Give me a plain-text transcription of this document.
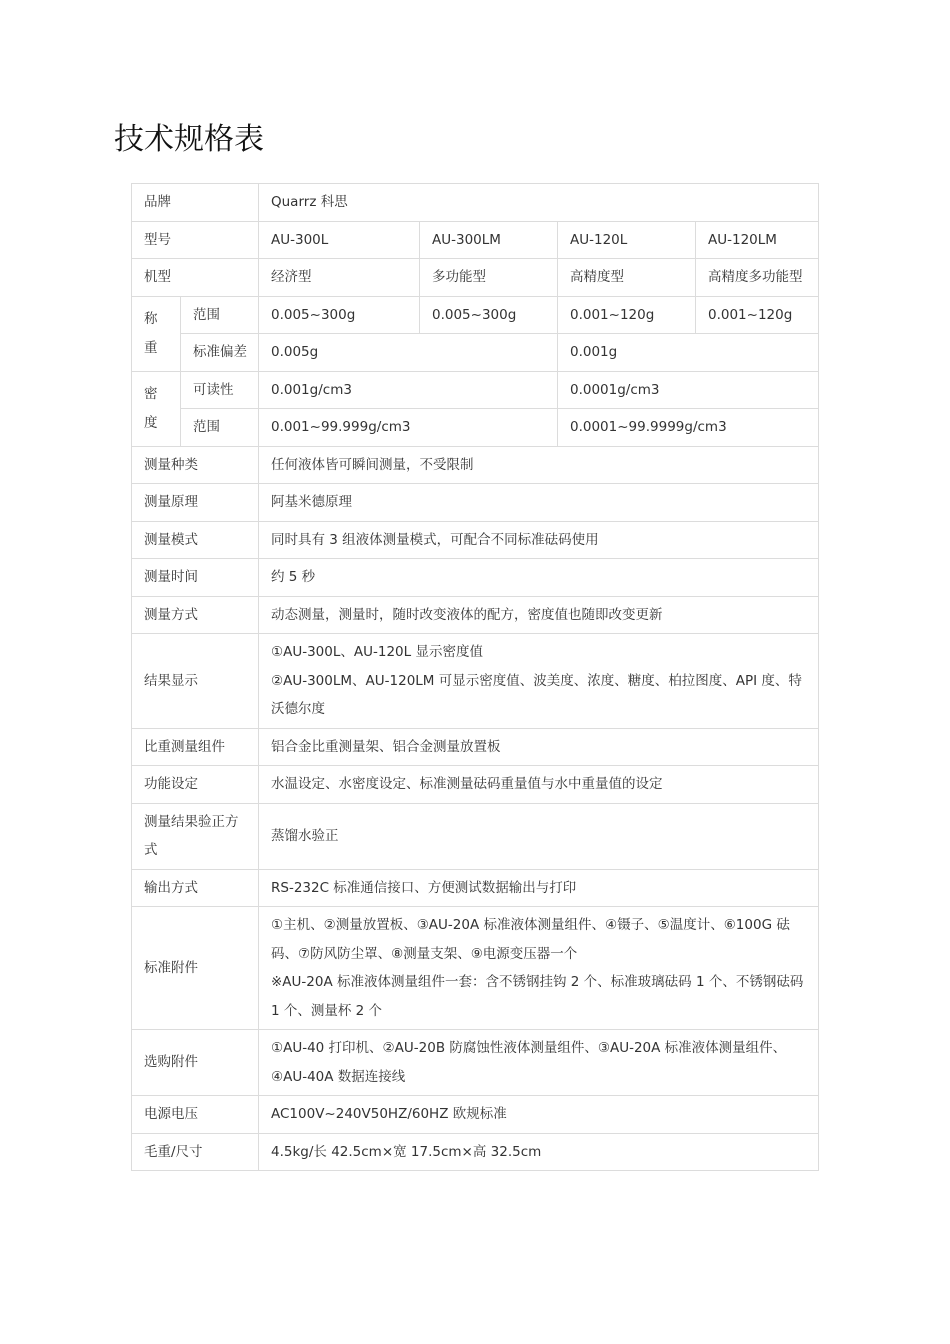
技术规格表
品牌		Quarrz 科思			
型号		AU-300L	AU-300LM	AU-120L	AU-120LM
机型		经济型	多功能型	高精度型	高精度多功能型
称重	范围	0.005~300g	0.005~300g	0.001~120g	0.001~120g
	标准偏差	0.005g		0.001g	
密度	可读性	0.001g/cm3		0.0001g/cm3	
	范围	0.001~99.999g/cm3		0.0001~99.9999g/cm3	
测量种类		任何液体皆可瞬间测量，不受限制			
测量原理		阿基米德原理			
测量模式		同时具有 3 组液体测量模式，可配合不同标准砝码使用			
测量时间		约 5 秒			
测量方式		动态测量，测量时，随时改变液体的配方，密度值也随即改变更新			
结果显示		①AU-300L、AU-120L 显示密度值
②AU-300LM、AU-120LM 可显示密度值、波美度、浓度、糖度、柏拉图度、API 度、特沃德尔度			

比重测量组件		铝合金比重测量架、铝合金测量放置板			
功能设定		水温设定、水密度设定、标准测量砝码重量值与水中重量值的设定			
测量结果验正方式		蒸馏水验正			
输出方式		RS-232C 标准通信接口、方便测试数据输出与打印			
标准附件		①主机、②测量放置板、③AU-20A 标准液体测量组件、④镊子、⑤温度计、⑥100G 砝码、⑦防风防尘罩、⑧测量支架、⑨电源变压器一个
※AU-20A 标准液体测量组件一套：含不锈钢挂钩 2 个、标准玻璃砝码 1 个、不锈钢砝码 1 个、测量杯 2 个			

选购附件		①AU-40 打印机、②AU-20B 防腐蚀性液体测量组件、③AU-20A 标准液体测量组件、④AU-40A 数据连接线			
电源电压		AC100V~240V50HZ/60HZ 欧规标准			
毛重/尺寸		4.5kg/长 42.5cm×宽 17.5cm×高 32.5cm			
